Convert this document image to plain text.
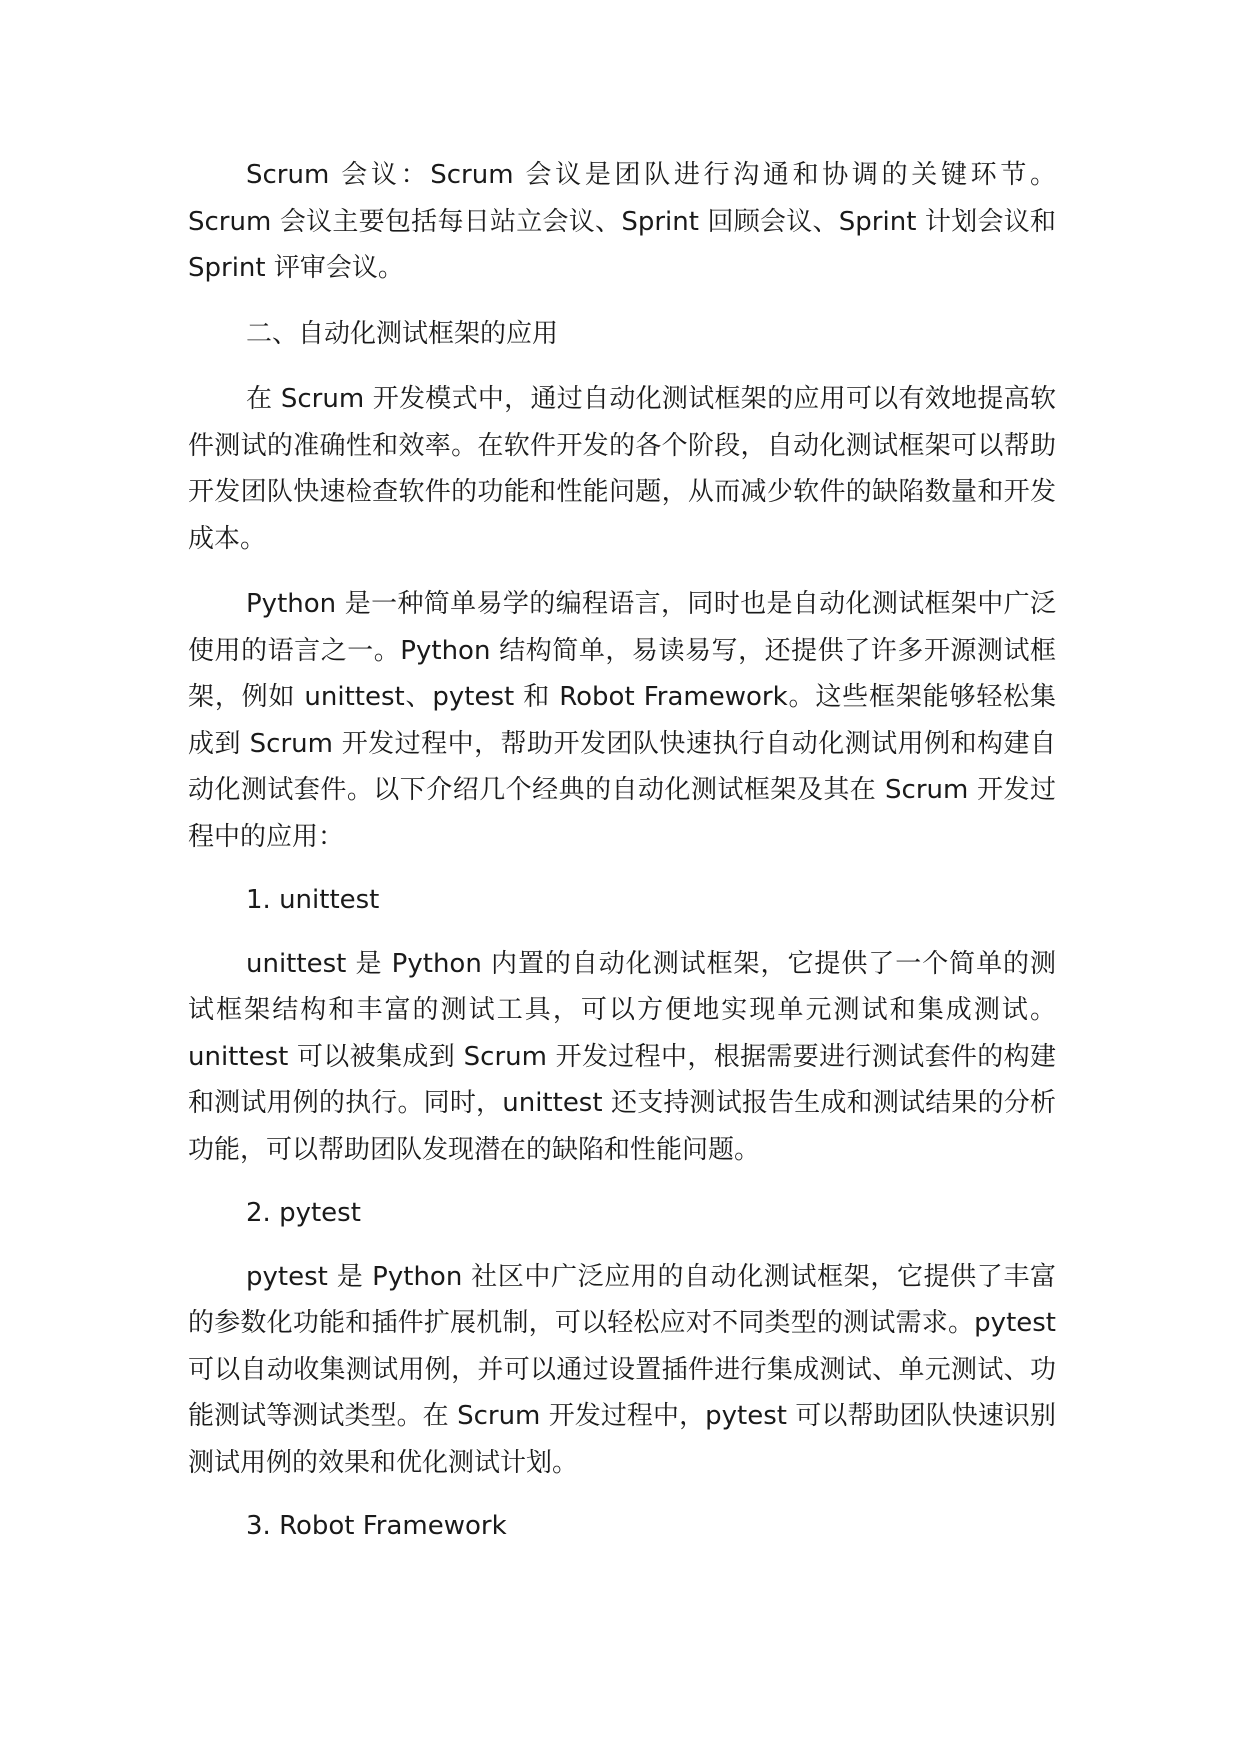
Scrum 会议：Scrum 会议是团队进行沟通和协调的关键环节。Scrum 会议主要包括每日站立会议、Sprint 回顾会议、Sprint 计划会议和 Sprint 评审会议。

二、自动化测试框架的应用

在 Scrum 开发模式中，通过自动化测试框架的应用可以有效地提高软件测试的准确性和效率。在软件开发的各个阶段，自动化测试框架可以帮助开发团队快速检查软件的功能和性能问题，从而减少软件的缺陷数量和开发成本。

Python 是一种简单易学的编程语言，同时也是自动化测试框架中广泛使用的语言之一。Python 结构简单，易读易写，还提供了许多开源测试框架，例如 unittest、pytest 和 Robot Framework。这些框架能够轻松集成到 Scrum 开发过程中，帮助开发团队快速执行自动化测试用例和构建自动化测试套件。以下介绍几个经典的自动化测试框架及其在 Scrum 开发过程中的应用：

1. unittest

unittest 是 Python 内置的自动化测试框架，它提供了一个简单的测试框架结构和丰富的测试工具，可以方便地实现单元测试和集成测试。unittest 可以被集成到 Scrum 开发过程中，根据需要进行测试套件的构建和测试用例的执行。同时，unittest 还支持测试报告生成和测试结果的分析功能，可以帮助团队发现潜在的缺陷和性能问题。

2. pytest

pytest 是 Python 社区中广泛应用的自动化测试框架，它提供了丰富的参数化功能和插件扩展机制，可以轻松应对不同类型的测试需求。pytest 可以自动收集测试用例，并可以通过设置插件进行集成测试、单元测试、功能测试等测试类型。在 Scrum 开发过程中，pytest 可以帮助团队快速识别测试用例的效果和优化测试计划。

3. Robot Framework
